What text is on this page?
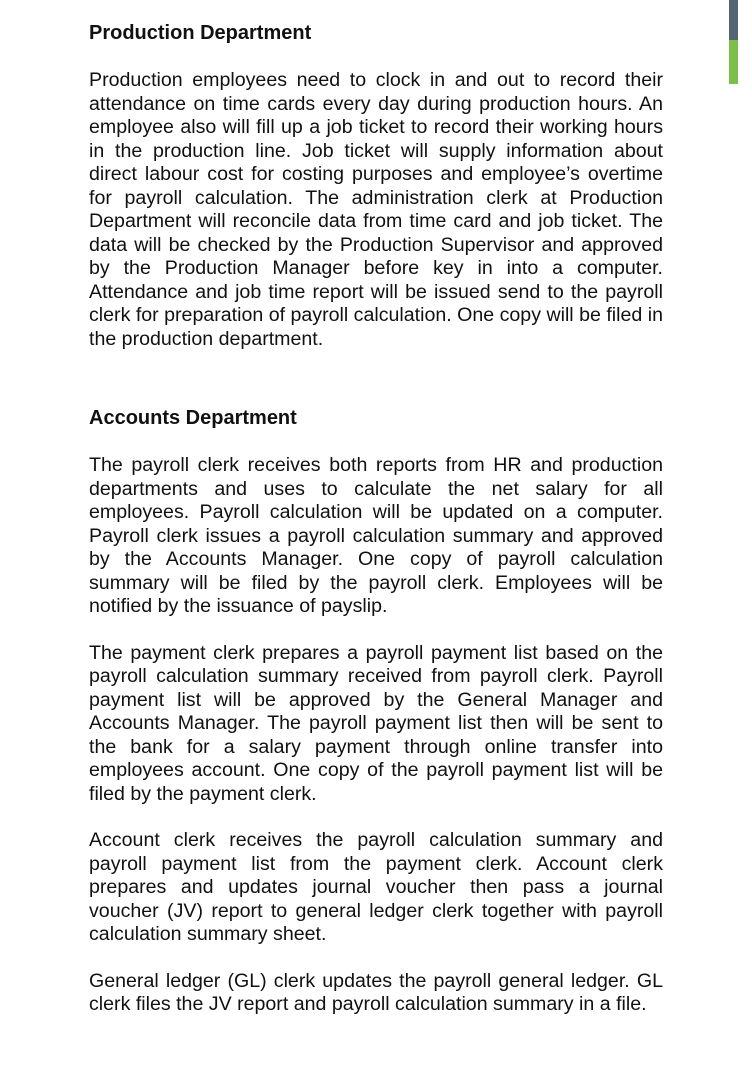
Production Department

Production employees need to clock in and out to record their attendance on time cards every day during production hours. An employee also will fill up a job ticket to record their working hours in the production line. Job ticket will supply information about direct labour cost for costing purposes and employee’s overtime for payroll calculation. The administration clerk at Production Department will reconcile data from time card and job ticket. The data will be checked by the Production Supervisor and approved by the Production Manager before key in into a computer. Attendance and job time report will be issued send to the payroll clerk for preparation of payroll calculation. One copy will be filed in the production department.

Accounts Department

The payroll clerk receives both reports from HR and production departments and uses to calculate the net salary for all employees. Payroll calculation will be updated on a computer. Payroll clerk issues a payroll calculation summary and approved by the Accounts Manager. One copy of payroll calculation summary will be filed by the payroll clerk. Employees will be notified by the issuance of payslip.

The payment clerk prepares a payroll payment list based on the payroll calculation summary received from payroll clerk. Payroll payment list will be approved by the General Manager and Accounts Manager. The payroll payment list then will be sent to the bank for a salary payment through online transfer into employees account. One copy of the payroll payment list will be filed by the payment clerk.

Account clerk receives the payroll calculation summary and payroll payment list from the payment clerk. Account clerk prepares and updates journal voucher then pass a journal voucher (JV) report to general ledger clerk together with payroll calculation summary sheet.

General ledger (GL) clerk updates the payroll general ledger. GL clerk files the JV report and payroll calculation summary in a file.
